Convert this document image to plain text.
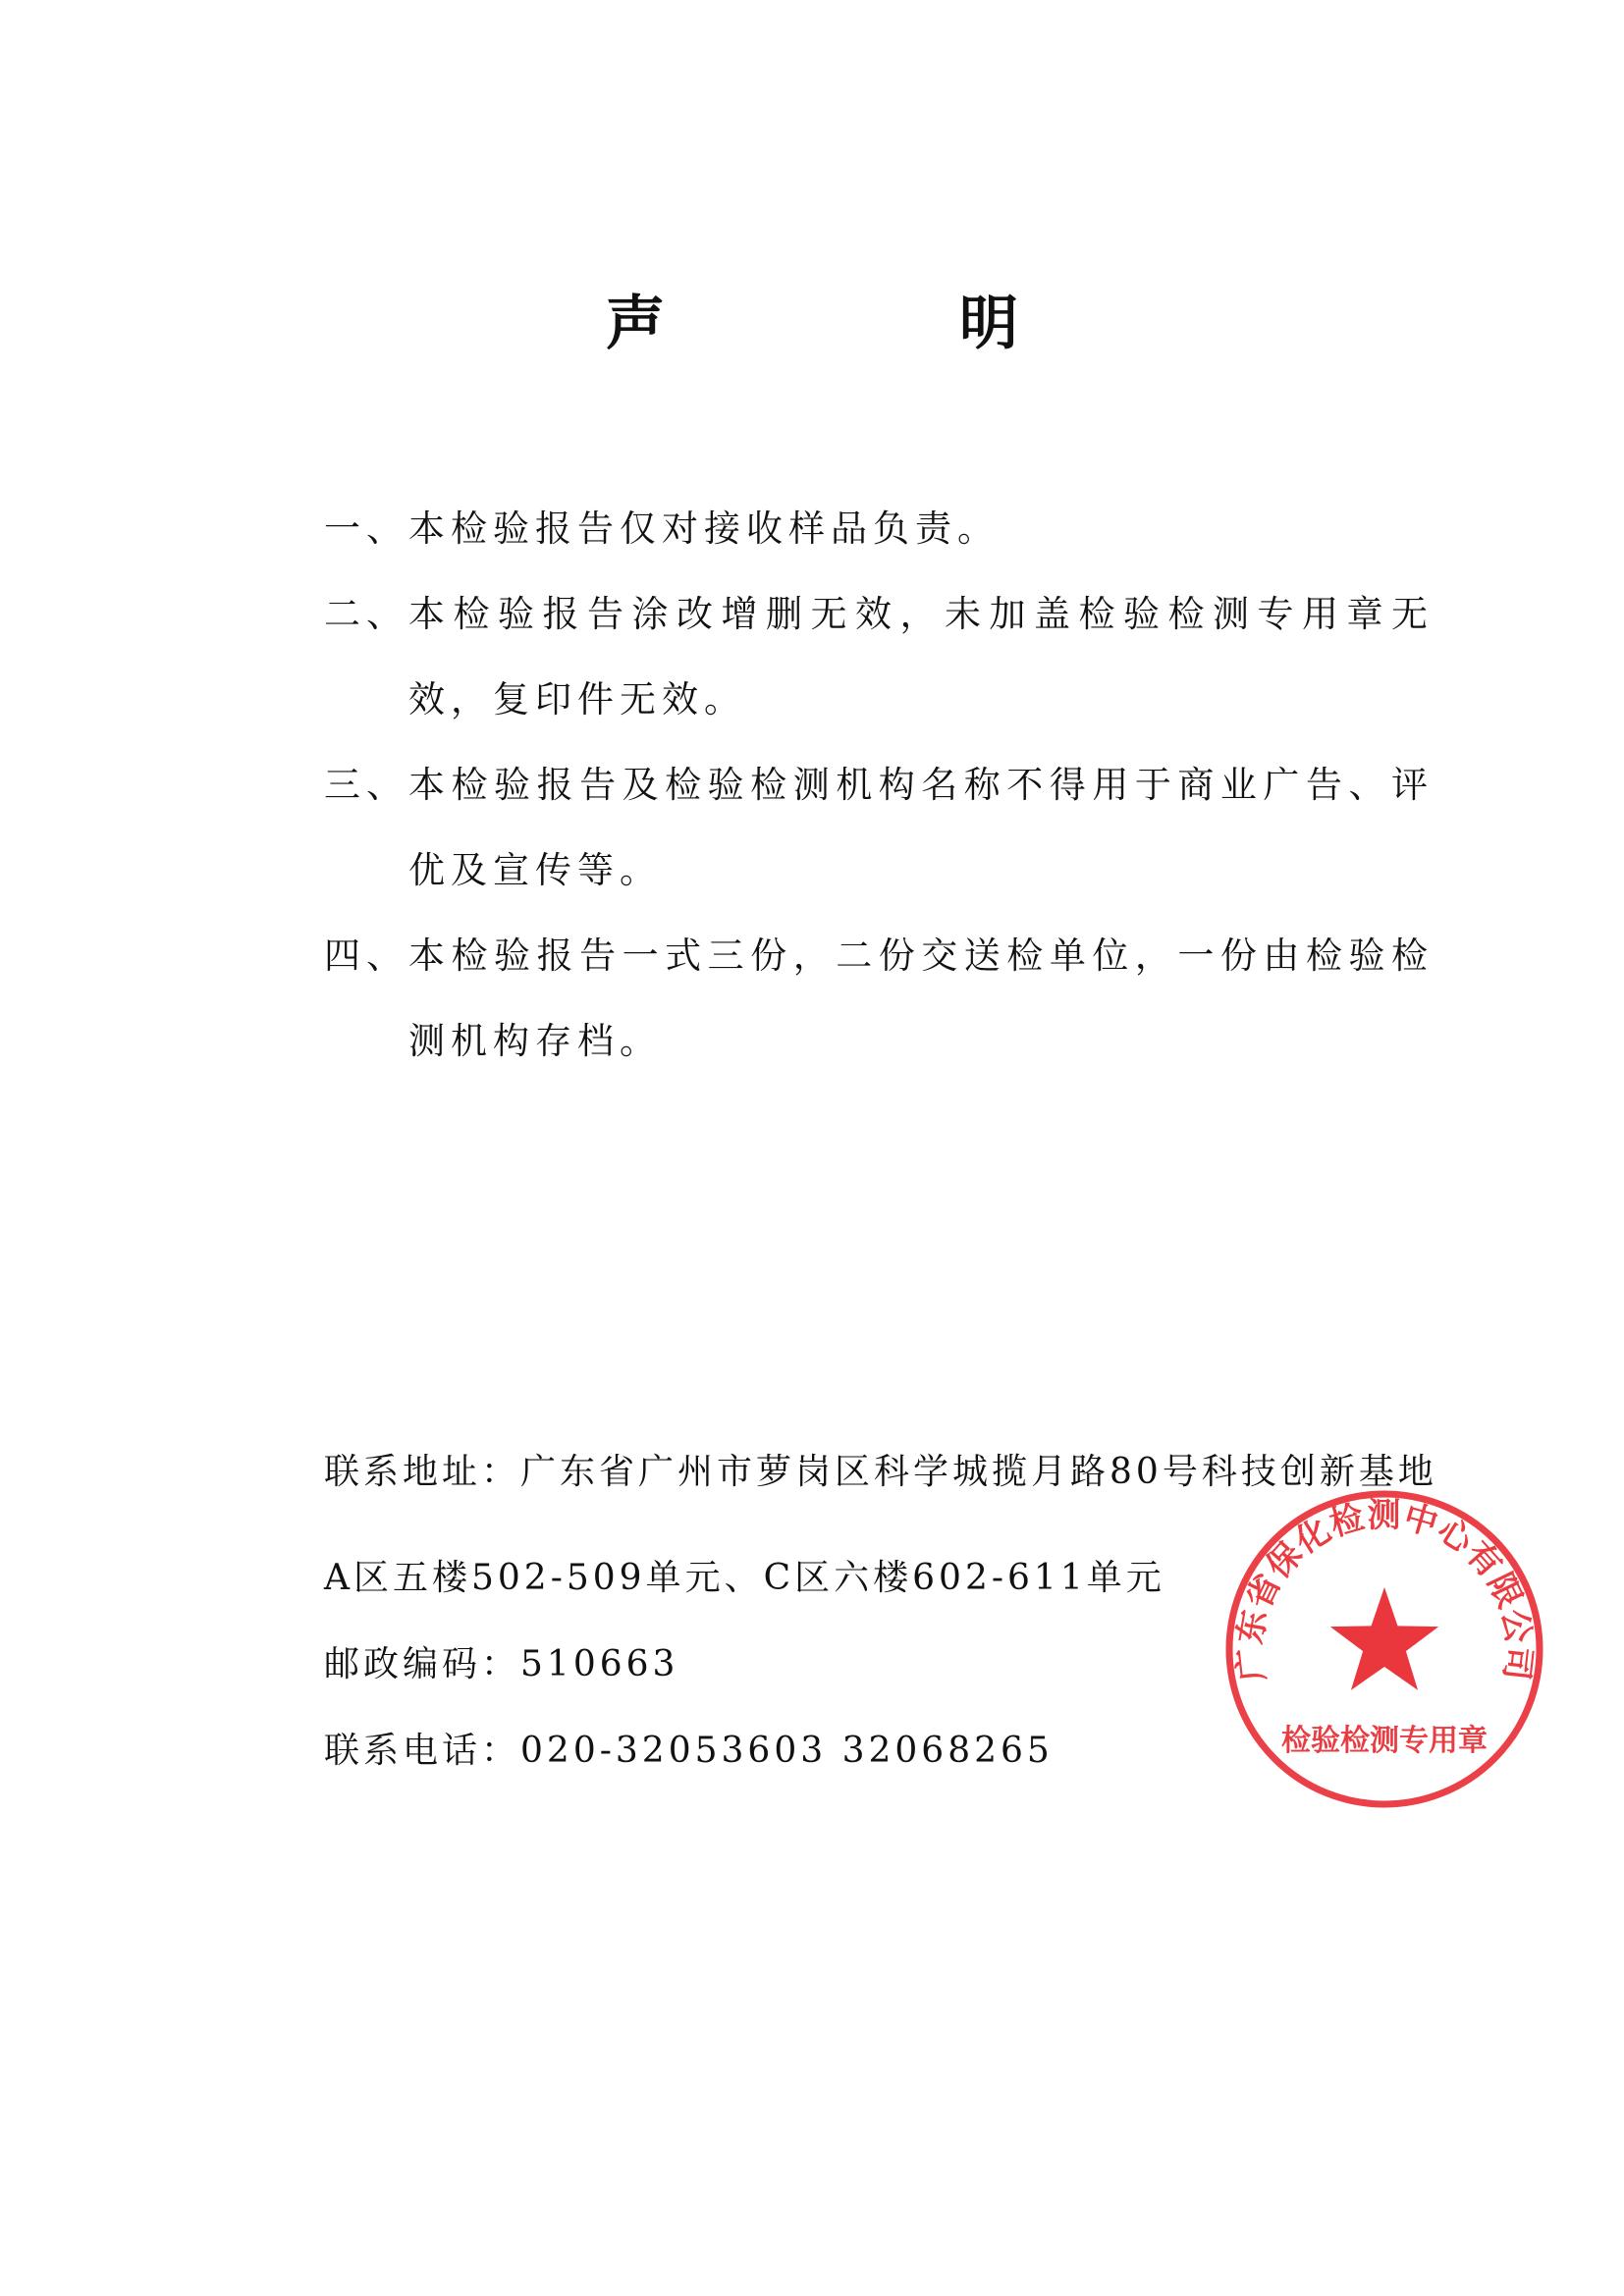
声　明
一、 本检验报告仅对接收样品负责。
二、 本检验报告涂改增删无效，未加盖检验检测专用章无效，复印件无效。
三、 本检验报告及检验检测机构名称不得用于商业广告、评优及宣传等。
四、 本检验报告一式三份，二份交送检单位，一份由检验检测机构存档。
联系地址：广东省广州市萝岗区科学城揽月路80号科技创新基地
A区五楼502-509单元、C区六楼602-611单元
邮政编码：510663
联系电话：020-32053603 32068265
广东省保化检测中心有限公司
检验检测专用章
